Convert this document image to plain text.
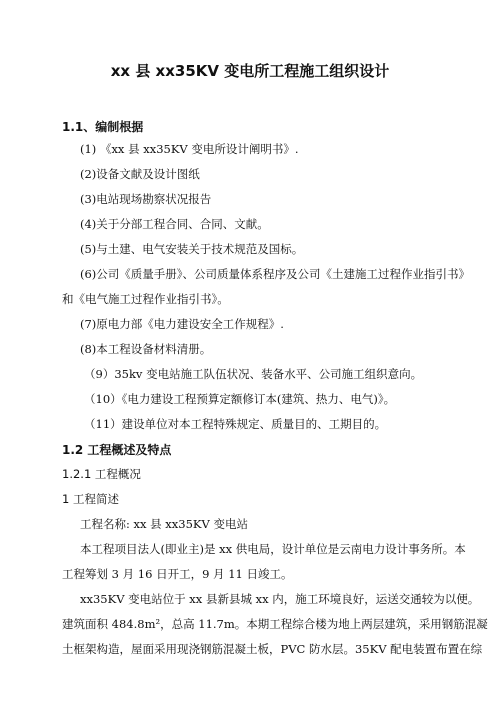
xx 县 xx35KV 变电所工程施工组织设计
1.1、编制根据
(1) 《xx 县 xx35KV 变电所设计阐明书》.
(2)设备文献及设计图纸
(3)电站现场勘察状况报告
(4)关于分部工程合同、合同、文献。
(5)与土建、电气安装关于技术规范及国标。
(6)公司《质量手册》、公司质量体系程序及公司《土建施工过程作业指引书》
和《电气施工过程作业指引书》。
(7)原电力部《电力建设安全工作规程》.
(8)本工程设备材料清册。
（9）35kv 变电站施工队伍状况、装备水平、公司施工组织意向。
（10）《电力建设工程预算定额修订本(建筑、热力、电气)》。
（11）建设单位对本工程特殊规定、质量目的、工期目的。
1.2 工程概述及特点
1.2.1 工程概况
1 工程简述
工程名称: xx 县 xx35KV 变电站
本工程项目法人(即业主)是 xx 供电局，设计单位是云南电力设计事务所。本
工程筹划 3 月 16 日开工，9 月 11 日竣工。
xx35KV 变电站位于 xx 县新县城 xx 内，施工环境良好，运送交通较为以便。
建筑面积 484.8m²，总高 11.7m。本期工程综合楼为地上两层建筑，采用钢筋混凝
土框架构造，屋面采用现浇钢筋混凝土板，PVC 防水层。35KV 配电装置布置在综
